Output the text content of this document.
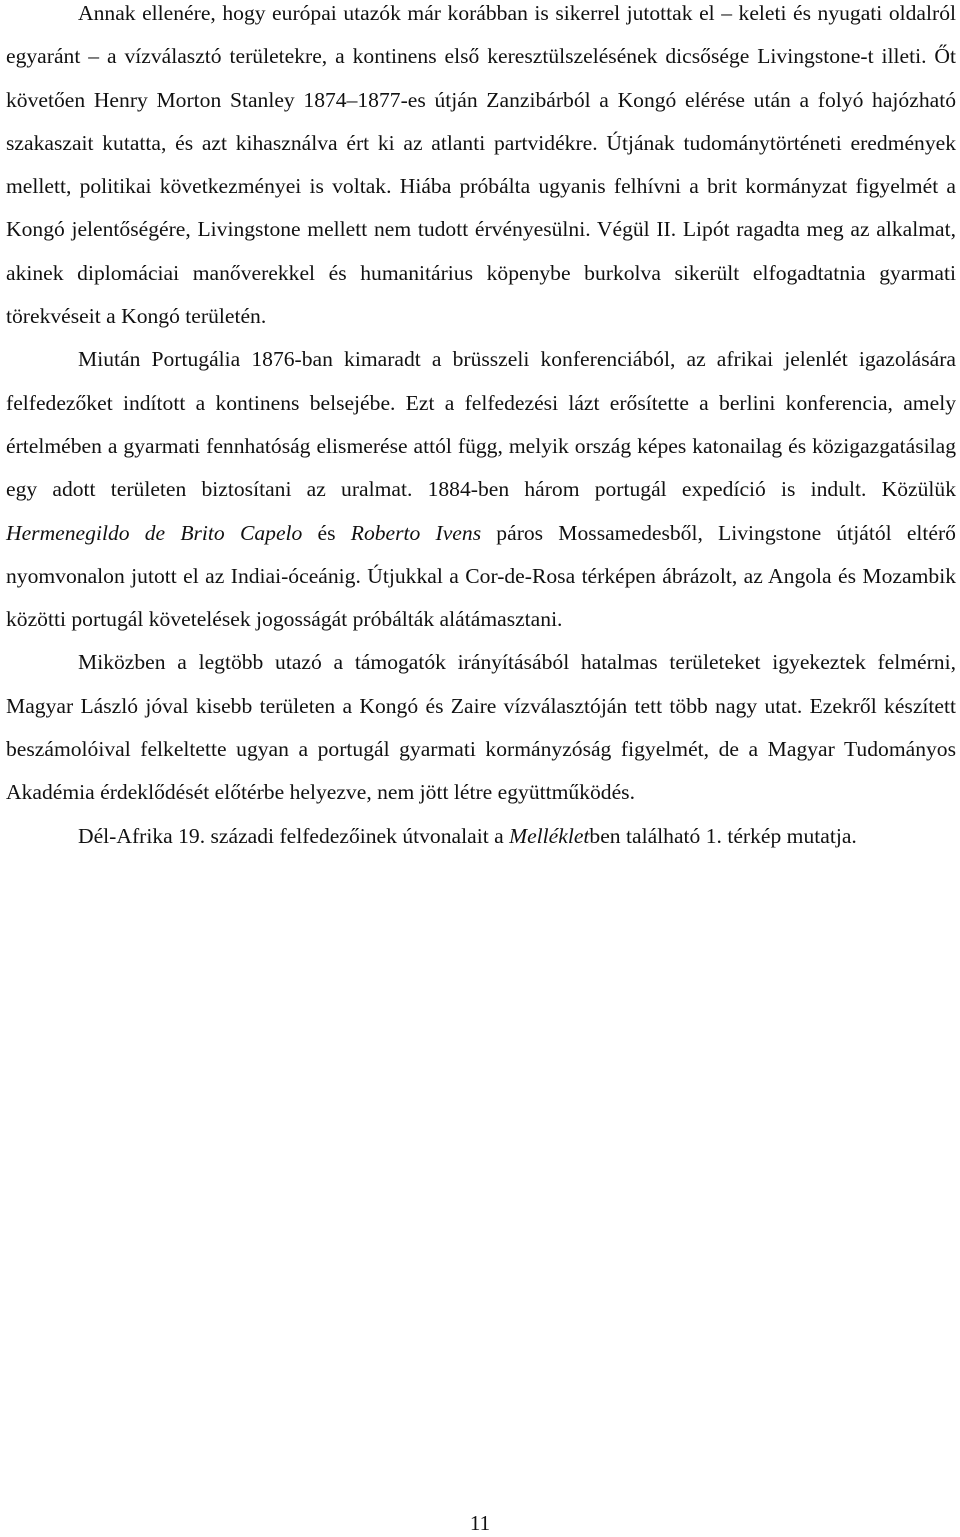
Annak ellenére, hogy európai utazók már korábban is sikerrel jutottak el – keleti és nyugati oldalról egyaránt – a vízválasztó területekre, a kontinens első keresztülszelésének dicsősége Livingstone-t illeti. Őt követően Henry Morton Stanley 1874–1877-es útján Zanzibárból a Kongó elérése után a folyó hajózható szakaszait kutatta, és azt kihasználva ért ki az atlanti partvidékre. Útjának tudománytörténeti eredmények mellett, politikai következményei is voltak. Hiába próbálta ugyanis felhívni a brit kormányzat figyelmét a Kongó jelentőségére, Livingstone mellett nem tudott érvényesülni. Végül II. Lipót ragadta meg az alkalmat, akinek diplomáciai manőverekkel és humanitárius köpenybe burkolva sikerült elfogadtatnia gyarmati törekvéseit a Kongó területén.

Miután Portugália 1876-ban kimaradt a brüsszeli konferenciából, az afrikai jelenlét igazolására felfedezőket indított a kontinens belsejébe. Ezt a felfedezési lázt erősítette a berlini konferencia, amely értelmében a gyarmati fennhatóság elismerése attól függ, melyik ország képes katonailag és közigazgatásilag egy adott területen biztosítani az uralmat. 1884-ben három portugál expedíció is indult. Közülük Hermenegildo de Brito Capelo és Roberto Ivens páros Mossamedesből, Livingstone útjától eltérő nyomvonalon jutott el az Indiai-óceánig. Útjukkal a Cor-de-Rosa térképen ábrázolt, az Angola és Mozambik közötti portugál követelések jogosságát próbálták alátámasztani.

Miközben a legtöbb utazó a támogatók irányításából hatalmas területeket igyekeztek felmérni, Magyar László jóval kisebb területen a Kongó és Zaire vízválasztóján tett több nagy utat. Ezekről készített beszámolóival felkeltette ugyan a portugál gyarmati kormányzóság figyelmét, de a Magyar Tudományos Akadémia érdeklődését előtérbe helyezve, nem jött létre együttműködés.

Dél-Afrika 19. századi felfedezőinek útvonalait a Mellékletben található 1. térkép mutatja.

11
